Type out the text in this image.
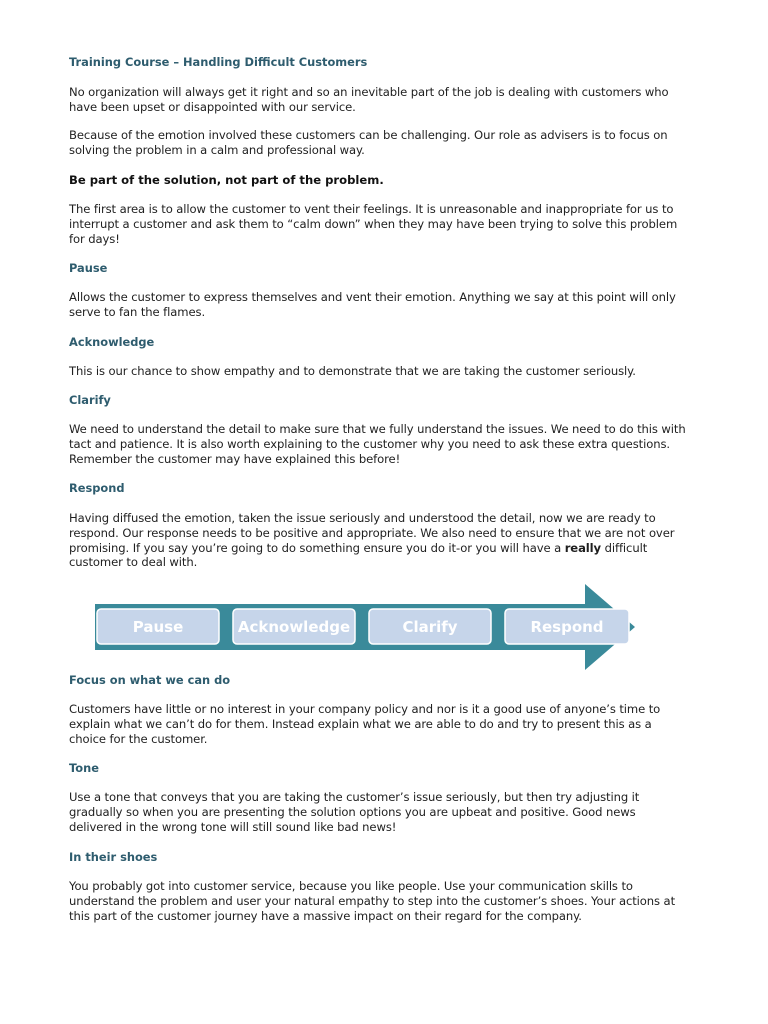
Training Course – Handling Difficult Customers

No organization will always get it right and so an inevitable part of the job is dealing with customers who have been upset or disappointed with our service.

Because of the emotion involved these customers can be challenging. Our role as advisers is to focus on solving the problem in a calm and professional way.

Be part of the solution, not part of the problem.

The first area is to allow the customer to vent their feelings. It is unreasonable and inappropriate for us to interrupt a customer and ask them to “calm down” when they may have been trying to solve this problem for days!

Pause

Allows the customer to express themselves and vent their emotion. Anything we say at this point will only serve to fan the flames.

Acknowledge

This is our chance to show empathy and to demonstrate that we are taking the customer seriously.

Clarify

We need to understand the detail to make sure that we fully understand the issues. We need to do this with tact and patience. It is also worth explaining to the customer why you need to ask these extra questions. Remember the customer may have explained this before!

Respond

Having diffused the emotion, taken the issue seriously and understood the detail, now we are ready to respond. Our response needs to be positive and appropriate. We also need to ensure that we are not over promising. If you say you’re going to do something ensure you do it-or you will have a really difficult customer to deal with.

Focus on what we can do

Customers have little or no interest in your company policy and nor is it a good use of anyone’s time to explain what we can’t do for them. Instead explain what we are able to do and try to present this as a choice for the customer.

Tone

Use a tone that conveys that you are taking the customer’s issue seriously, but then try adjusting it gradually so when you are presenting the solution options you are upbeat and positive. Good news delivered in the wrong tone will still sound like bad news!

In their shoes

You probably got into customer service, because you like people. Use your communication skills to understand the problem and user your natural empathy to step into the customer’s shoes. Your actions at this part of the customer journey have a massive impact on their regard for the company.

Pause	Acknowledge	Clarify	Respond
